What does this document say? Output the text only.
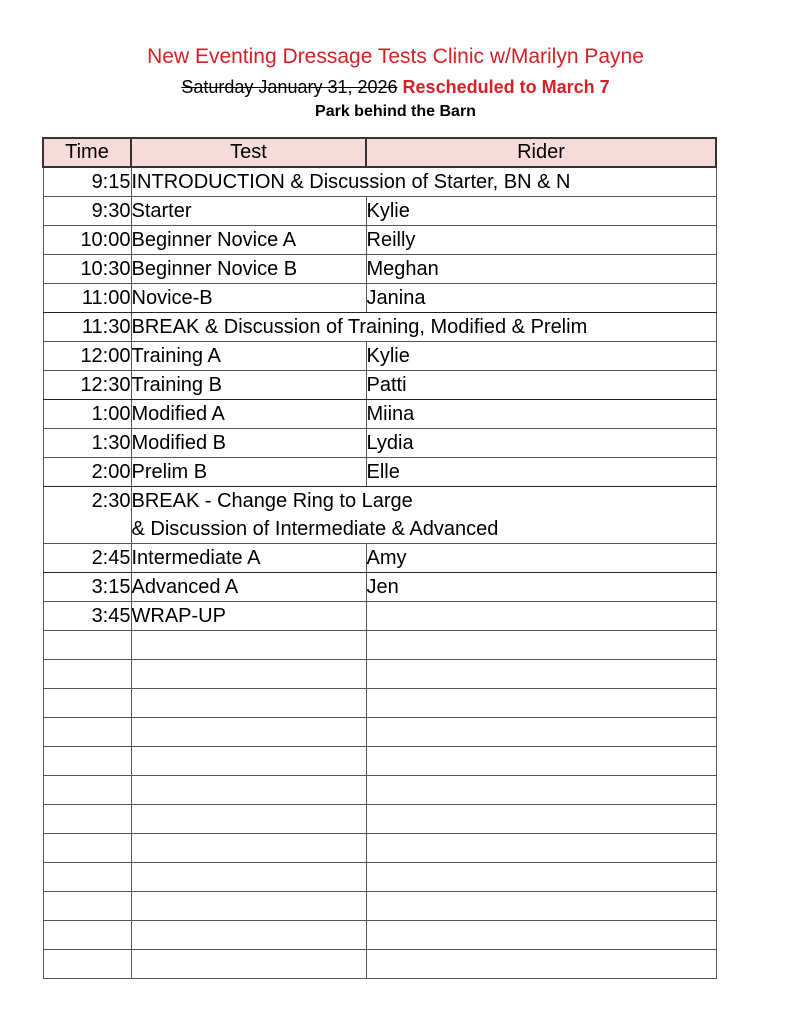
New Eventing Dressage Tests Clinic w/Marilyn Payne
Saturday January 31, 2026 Rescheduled to March 7
Park behind the Barn
Time	Test	Rider
9:15	INTRODUCTION & Discussion of Starter, BN & N	
9:30	Starter	Kylie
10:00	Beginner Novice A	Reilly
10:30	Beginner Novice B	Meghan
11:00	Novice-B	Janina
11:30	BREAK & Discussion of Training, Modified & Prelim	
12:00	Training A	Kylie
12:30	Training B	Patti
1:00	Modified A	Miina
1:30	Modified B	Lydia
2:00	Prelim B	Elle
2:30	BREAK - Change Ring to Large
& Discussion of Intermediate & Advanced	

2:45	Intermediate A	Amy
3:15	Advanced A	Jen
3:45	WRAP-UP	
